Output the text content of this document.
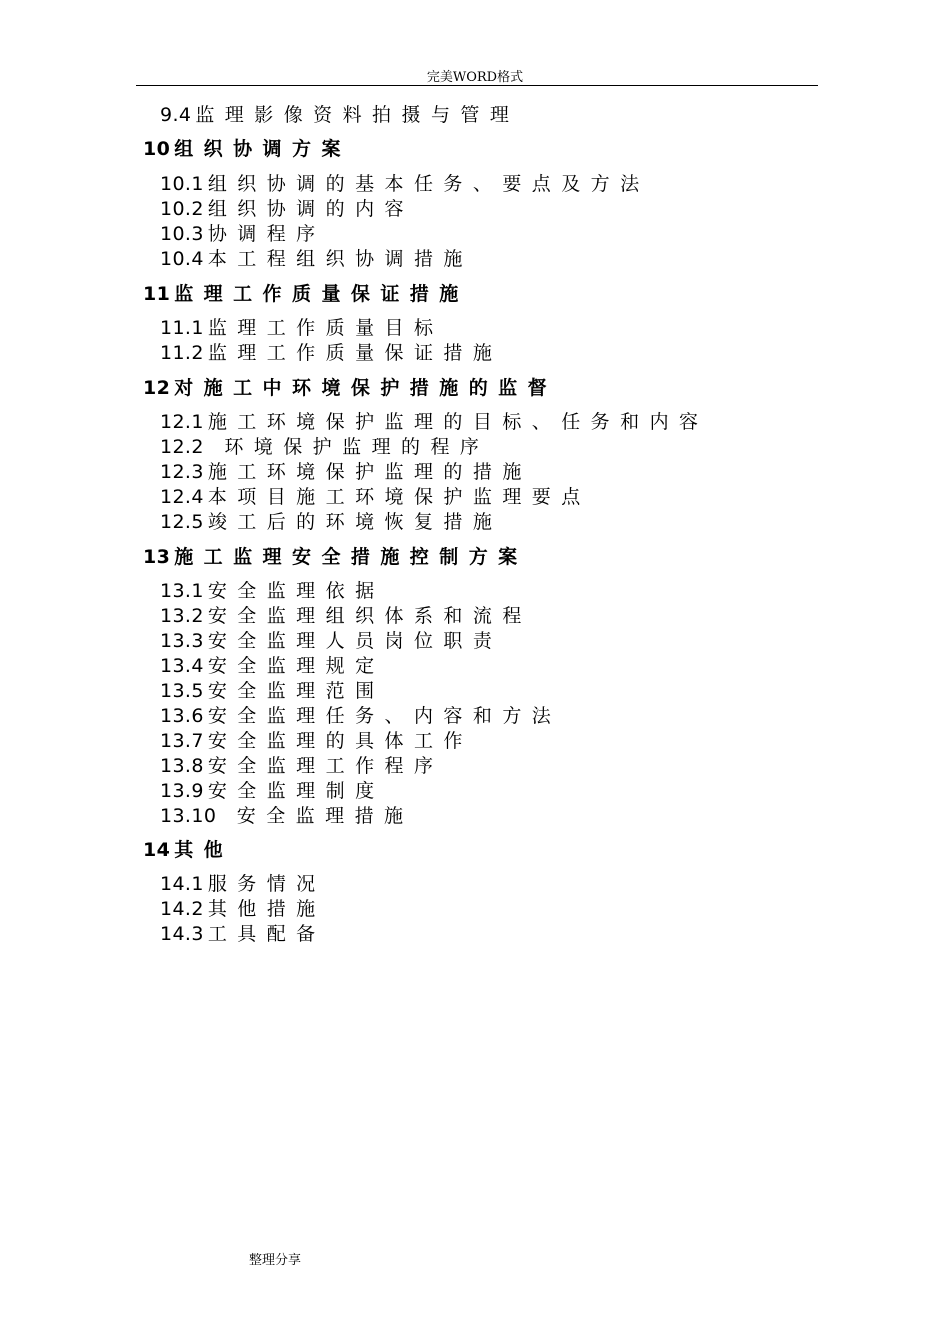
完美WORD格式
9.4 监理影像资料拍摄与管理
10 组织协调方案
10.1 组织协调的基本任务、要点及方法
10.2 组织协调的内容
10.3 协调程序
10.4 本工程组织协调措施
11 监理工作质量保证措施
11.1 监理工作质量目标
11.2 监理工作质量保证措施
12 对施工中环境保护措施的监督
12.1 施工环境保护监理的目标、任务和内容
12.2 环境保护监理的程序
12.3 施工环境保护监理的措施
12.4 本项目施工环境保护监理要点
12.5 竣工后的环境恢复措施
13 施工监理安全措施控制方案
13.1 安全监理依据
13.2 安全监理组织体系和流程
13.3 安全监理人员岗位职责
13.4 安全监理规定
13.5 安全监理范围
13.6 安全监理任务、内容和方法
13.7 安全监理的具体工作
13.8 安全监理工作程序
13.9 安全监理制度
13.10 安全监理措施
14 其他
14.1 服务情况
14.2 其他措施
14.3 工具配备
整理分享
